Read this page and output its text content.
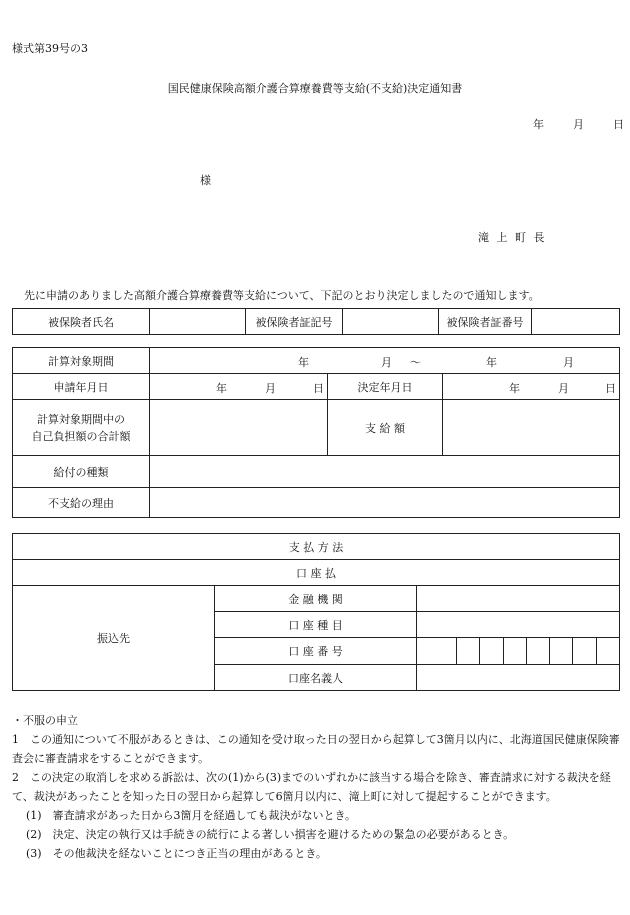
様式第39号の3
国民健康保険高額介護合算療養費等支給(不支給)決定通知書
年	月	日
様
滝 上 町 長
先に申請のありました高額介護合算療養費等支給について、下記のとおり決定しましたので通知します。
被保険者氏名		被保険者証記号		被保険者証番号	
計算対象期間	年 月 ～ 年 月		

申請年月日	年 月 日	決定年月日	年 月 日

計算対象期間中の
自己負担額の合計額		支 給 額	
給付の種類			
不支給の理由			
支 払 方 法			
口 座 払			
振込先	金 融 機 関		
	口 座 種 目		
	口 座 番 号		

	口座名義人		

・不服の申立

1　この通知について不服があるときは、この通知を受け取った日の翌日から起算して3箇月以内に、北海道国民健康保険審査会に審査請求をすることができます。

2　この決定の取消しを求める訴訟は、次の(1)から(3)までのいずれかに該当する場合を除き、審査請求に対する裁決を経て、裁決があったことを知った日の翌日から起算して6箇月以内に、滝上町に対して提起することができます。

(1)　審査請求があった日から3箇月を経過しても裁決がないとき。

(2)　決定、決定の執行又は手続きの続行による著しい損害を避けるための緊急の必要があるとき。

(3)　その他裁決を経ないことにつき正当の理由があるとき。
